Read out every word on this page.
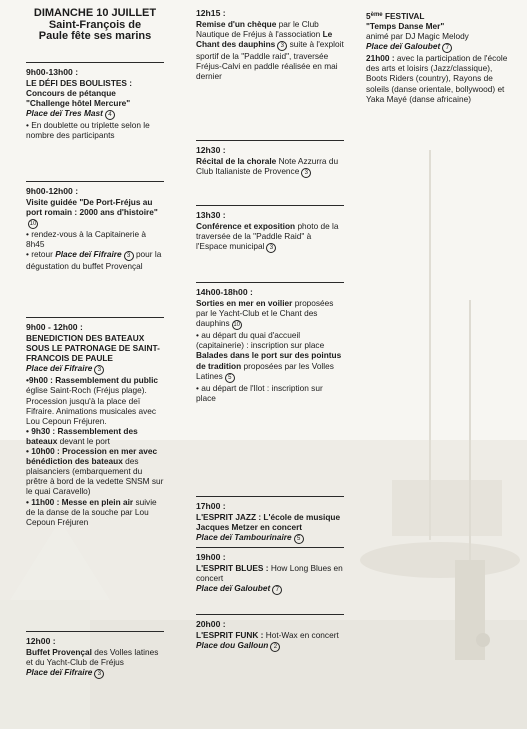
DIMANCHE 10 JUILLET

Saint-François de

Paule fête ses marins

9h00-13h00 :

LE DÉFI DES BOULISTES :

Concours de pétanque

"Challenge hôtel Mercure"

Place deï Tres Mast 4

• En doublette ou triplette selon le nombre des participants

9h00-12h00 :

Visite guidée "De Port-Fréjus au port romain : 2000 ans d'histoire"10

• rendez-vous à la Capitainerie à 8h45

• retour Place deï Fifraire 3 pour la dégustation du buffet Provençal

9h00 - 12h00 :

BENEDICTION DES BATEAUX SOUS LE PATRONAGE DE SAINT-FRANCOIS DE PAULE

Place deï Fifraire 3

•9h00 : Rassemblement du public église Saint-Roch (Fréjus plage). Procession jusqu'à la place deï Fifraire. Animations musicales avec Lou Cepoun Fréjuren.

• 9h30 : Rassemblement des bateaux devant le port

• 10h00 : Procession en mer avec bénédiction des bateaux des plaisanciers (embarquement du prêtre à bord de la vedette SNSM sur le quai Caravello)

• 11h00 : Messe en plein air suivie de la danse de la souche par Lou Cepoun Fréjuren

12h00 :

Buffet Provençal des Volles latines et du Yacht-Club de Fréjus

Place deï Fifraire 3

12h15 :

Remise d'un chèque par le Club Nautique de Fréjus à l'association Le Chant des dauphins 3 suite à l'exploit sportif de la "Paddle raid", traversée Fréjus-Calvi en paddle réalisée en mai dernier

12h30 :

Récital de la chorale Note Azzurra du Club Italianiste de Provence 3

13h30 :

Conférence et exposition photo de la traversée de la "Paddle Raid" à l'Espace municipal 3

14h00-18h00 :

Sorties en mer en voilier proposées par le Yacht-Club et le Chant des dauphins 10

• au départ du quai d'accueil (capitainerie) : inscription sur place

Balades dans le port sur des pointus de tradition proposées par les Volles Latines 5

• au départ de l'Ilot : inscription sur place

17h00 :

L'ESPRIT JAZZ : L'école de musique Jacques Metzer en concert

Place deï Tambourinaire 5

19h00 :

L'ESPRIT BLUES : How Long Blues en concert

Place deï Galoubet 7

20h00 :

L'ESPRIT FUNK : Hot-Wax en concert

Place dou Galloun 2

5ème FESTIVAL

"Temps Danse Mer"

animé par DJ Magic Melody

Place deï Galoubet 7

21h00 : avec la participation de l'école des arts et loisirs (Jazz/classique), Boots Riders (country), Rayons de soleils (danse orientale, bollywood) et Yaka Mayé (danse africaine)
